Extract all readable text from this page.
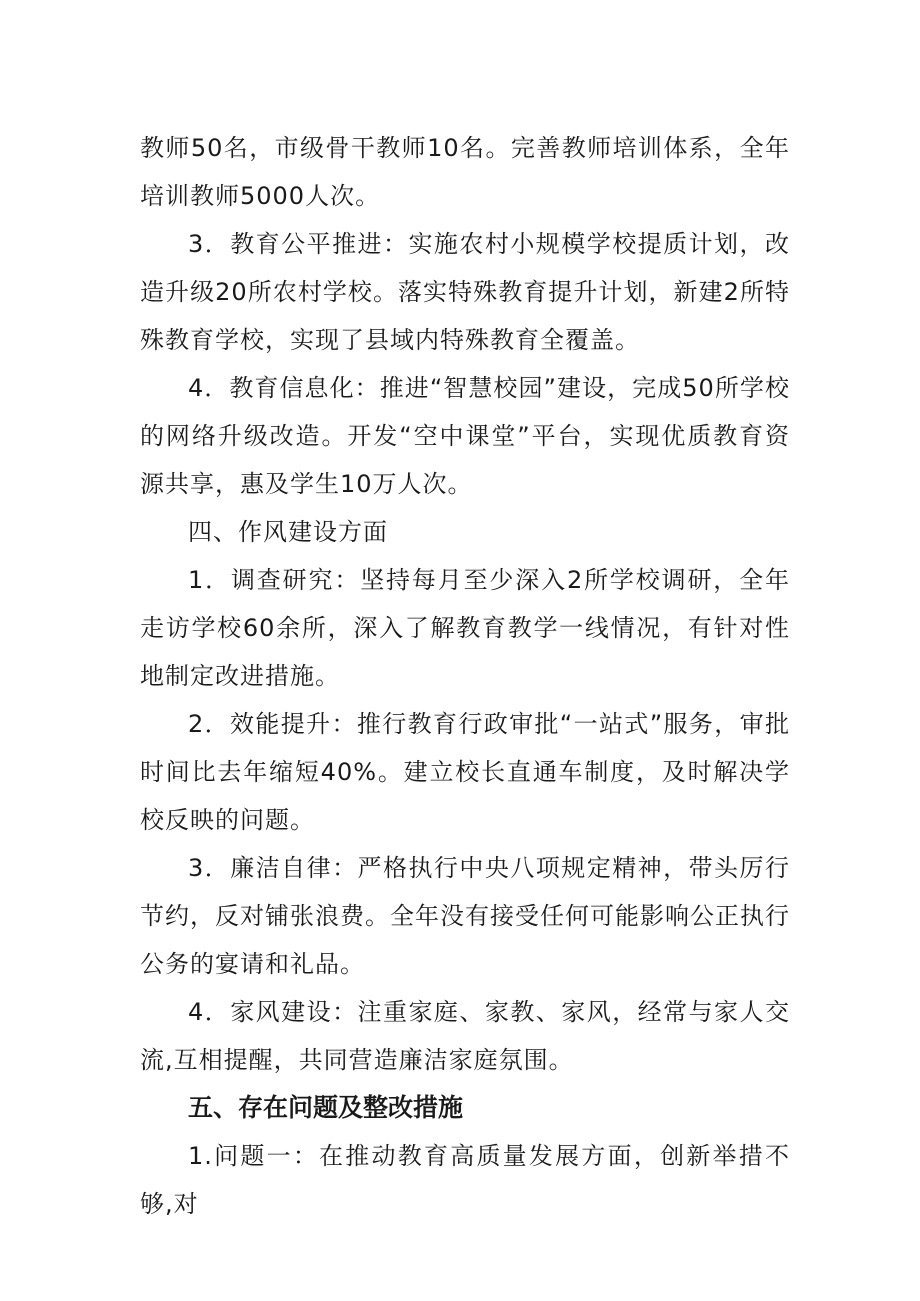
教师50名，市级骨干教师10名。完善教师培训体系，全年培训教师5000人次。

3．教育公平推进：实施农村小规模学校提质计划，改造升级20所农村学校。落实特殊教育提升计划，新建2所特殊教育学校，实现了县域内特殊教育全覆盖。

4．教育信息化：推进“智慧校园”建设，完成50所学校的网络升级改造。开发“空中课堂”平台，实现优质教育资源共享，惠及学生10万人次。

四、作风建设方面

1．调查研究：坚持每月至少深入2所学校调研，全年走访学校60余所，深入了解教育教学一线情况，有针对性地制定改进措施。

2．效能提升：推行教育行政审批“一站式”服务，审批时间比去年缩短40%。建立校长直通车制度，及时解决学校反映的问题。

3．廉洁自律：严格执行中央八项规定精神，带头厉行节约，反对铺张浪费。全年没有接受任何可能影响公正执行公务的宴请和礼品。

4．家风建设：注重家庭、家教、家风，经常与家人交流,互相提醒，共同营造廉洁家庭氛围。

五、存在问题及整改措施

1.问题一：在推动教育高质量发展方面，创新举措不够,对
